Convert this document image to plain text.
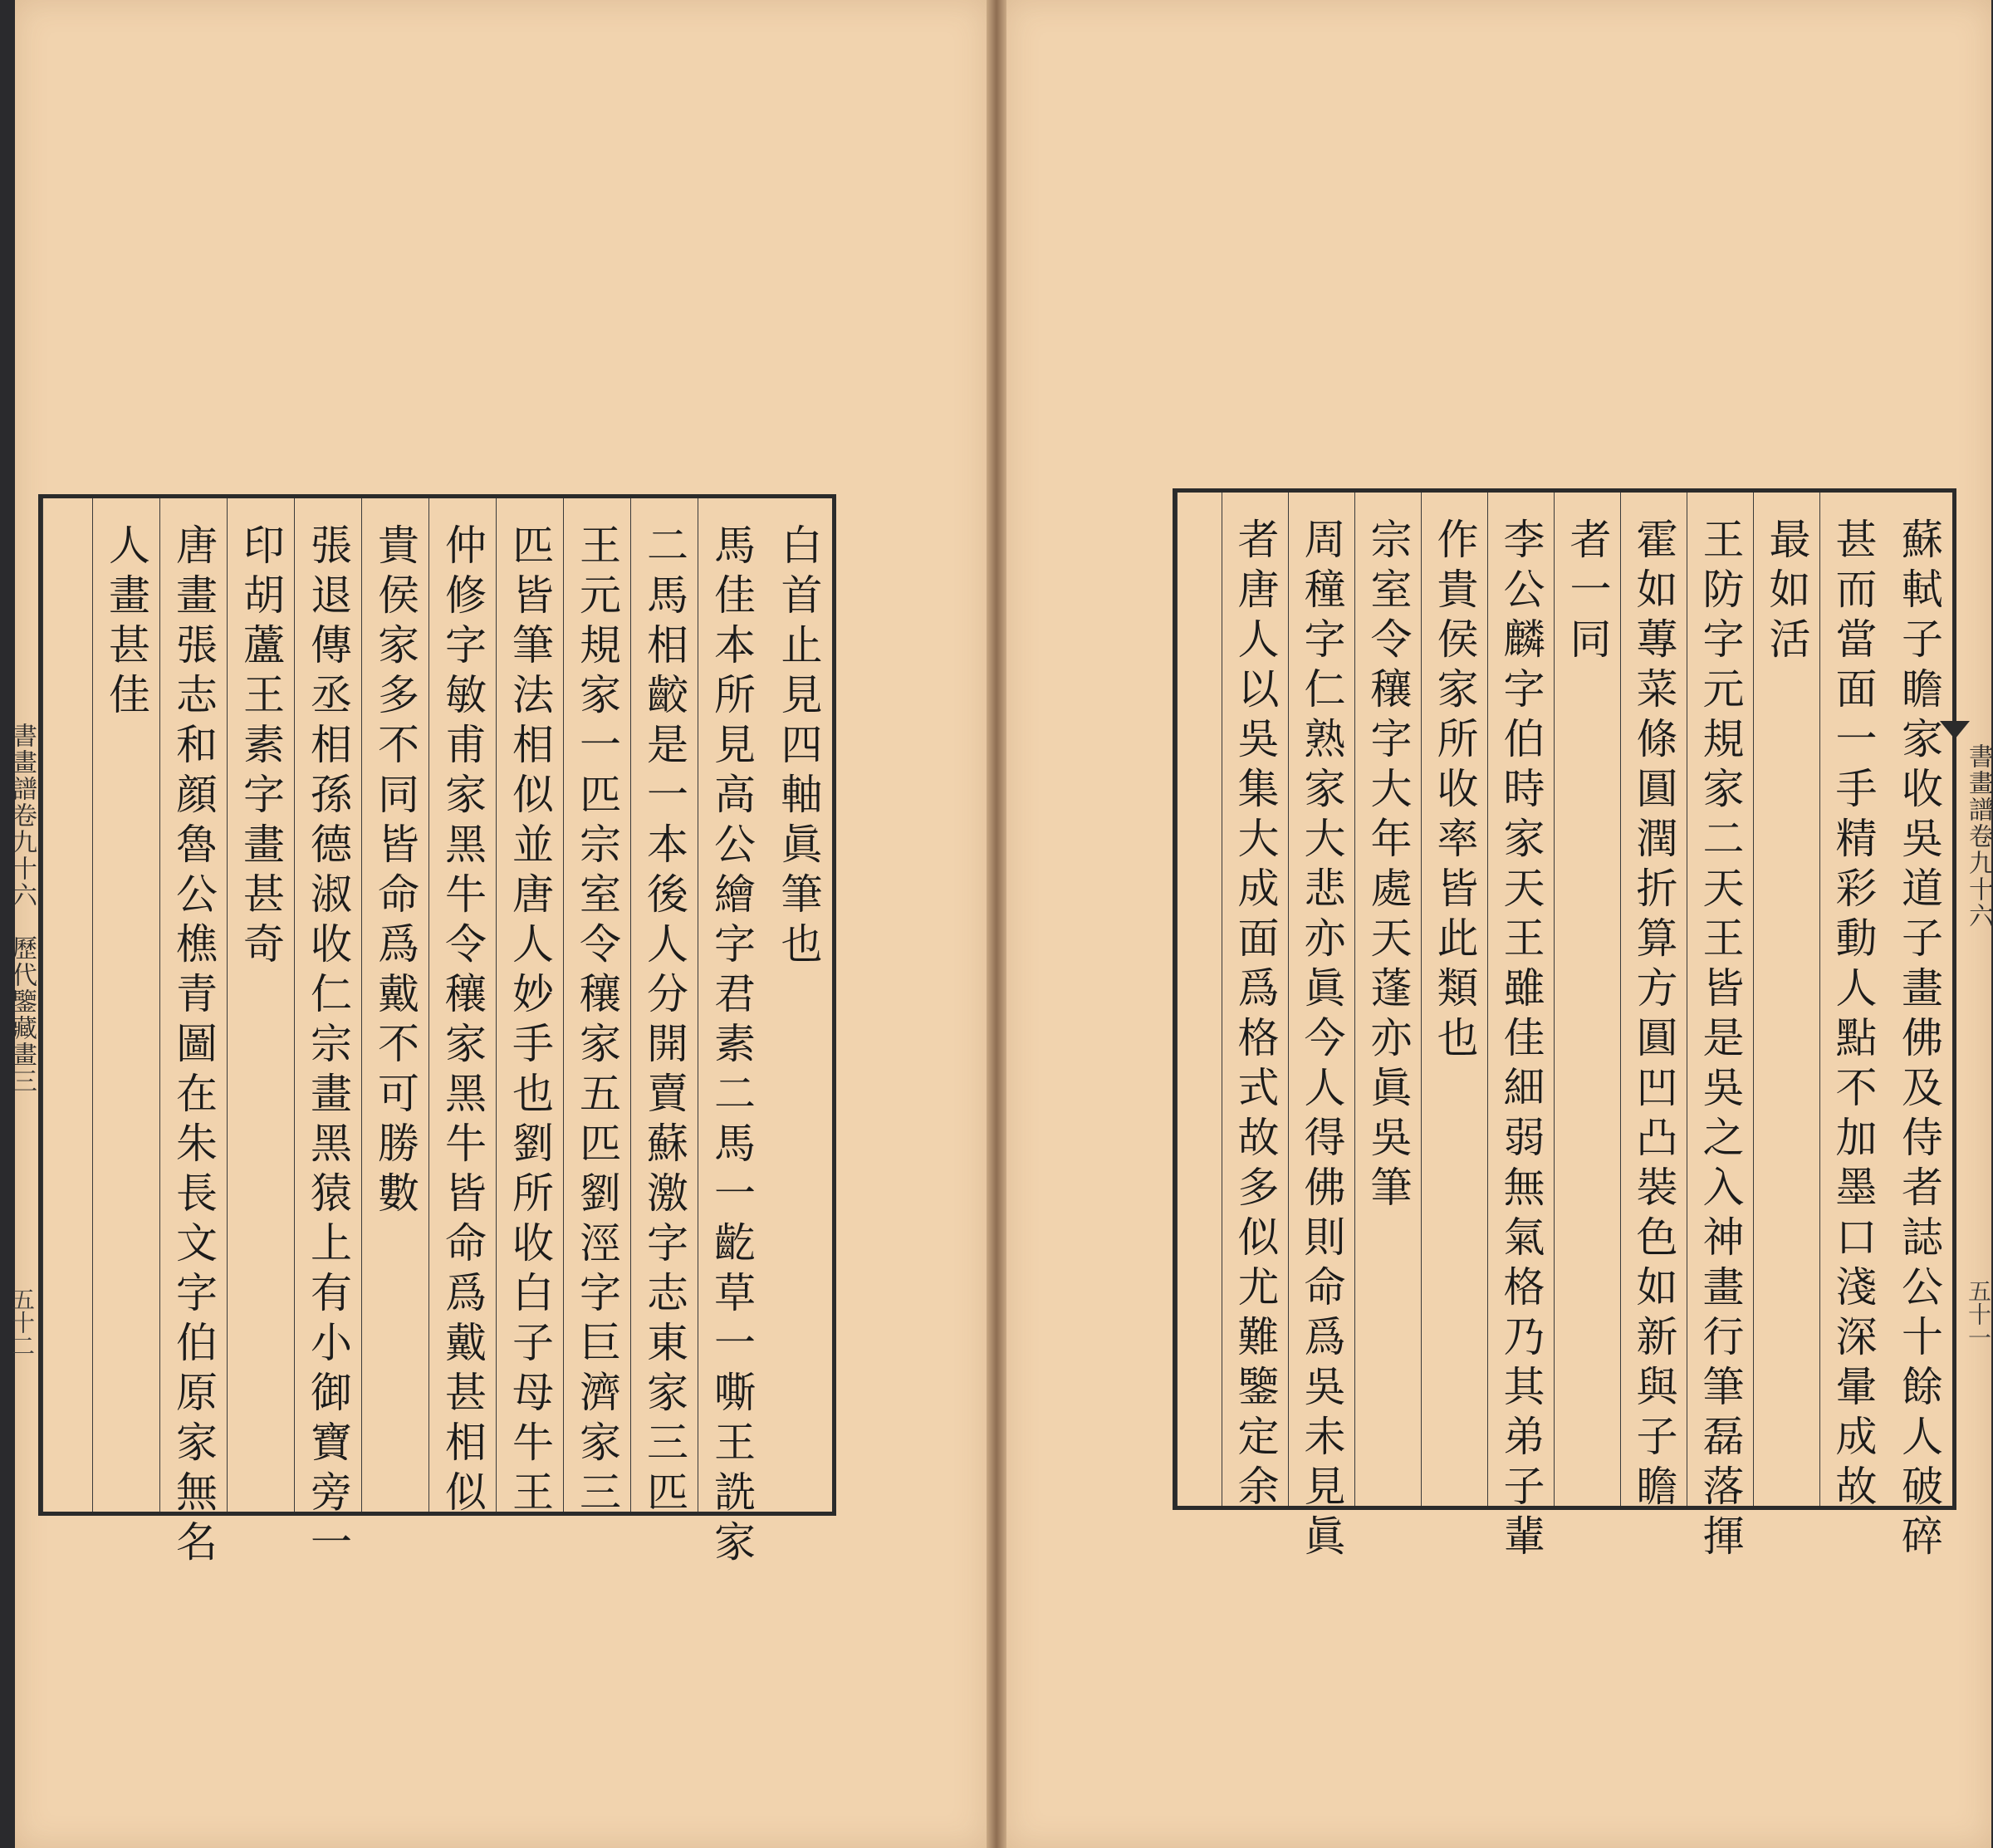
書畫譜卷九十六　歷代鑒藏畫三
五十二
白首止見四軸眞筆也
馬佳本所見高公繪字君素二馬一齕草一嘶王詵家
二馬相齩是一本後人分開賣蘇激字志東家三匹
王元規家一匹宗室令穰家五匹劉涇字巨濟家三
匹皆筆法相似並唐人妙手也劉所收白子母牛王
仲修字敏甫家黑牛令穰家黑牛皆命爲戴甚相似
貴侯家多不同皆命爲戴不可勝數
張退傳丞相孫德淑收仁宗畫黑猿上有小御寶旁一
印胡蘆王素字畫甚奇
唐畫張志和顔魯公樵青圖在朱長文字伯原家無名
人畫甚佳
書畫譜卷九十六
五十一
蘇軾子瞻家收吳道子畫佛及侍者誌公十餘人破碎
甚而當面一手精彩動人點不加墨口淺深暈成故
最如活
王防字元規家二天王皆是吳之入神畫行筆磊落揮
霍如蓴菜條圓潤折算方圓凹凸裝色如新與子瞻
者一同
李公麟字伯時家天王雖佳細弱無氣格乃其弟子輩
作貴侯家所收率皆此類也
宗室令穰字大年處天蓬亦眞吳筆
周穜字仁熟家大悲亦眞今人得佛則命爲吳未見眞
者唐人以吳集大成面爲格式故多似尤難鑒定余
